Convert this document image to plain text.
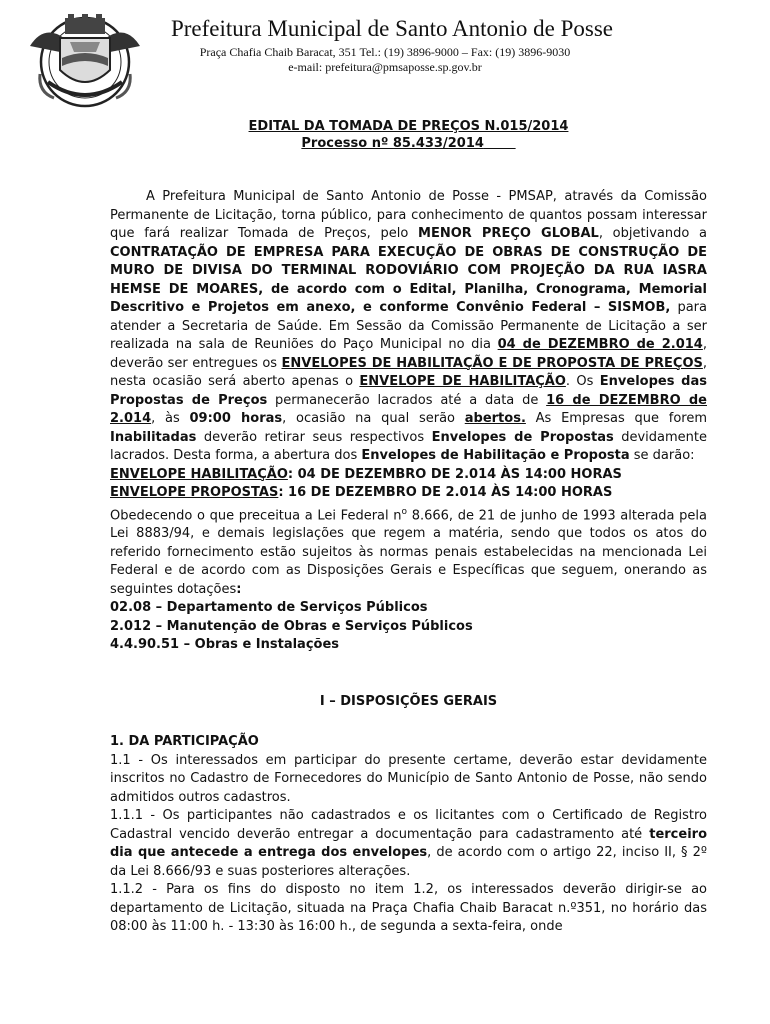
Prefeitura Municipal de Santo Antonio de Posse
Praça Chafia Chaib Baracat, 351 Tel.: (19) 3896-9000 – Fax: (19) 3896-9030
e-mail: prefeitura@pmsaposse.sp.gov.br
EDITAL DA TOMADA DE PREÇOS N.015/2014
Processo nº 85.433/2014

A Prefeitura Municipal de Santo Antonio de Posse - PMSAP, através da Comissão Permanente de Licitação, torna público, para conhecimento de quantos possam interessar que fará realizar Tomada de Preços, pelo MENOR PREÇO GLOBAL, objetivando a CONTRATAÇÃO DE EMPRESA PARA EXECUÇÃO DE OBRAS DE CONSTRUÇÃO DE MURO DE DIVISA DO TERMINAL RODOVIÁRIO COM PROJEÇÃO DA RUA IASRA HEMSE DE MOARES, de acordo com o Edital, Planilha, Cronograma, Memorial Descritivo e Projetos em anexo, e conforme Convênio Federal – SISMOB, para atender a Secretaria de Saúde. Em Sessão da Comissão Permanente de Licitação a ser realizada na sala de Reuniões do Paço Municipal no dia 04 de DEZEMBRO de 2.014, deverão ser entregues os ENVELOPES DE HABILITAÇÃO E DE PROPOSTA DE PREÇOS, nesta ocasião será aberto apenas o ENVELOPE DE HABILITAÇÃO. Os Envelopes das Propostas de Preços permanecerão lacrados até a data de 16 de DEZEMBRO de 2.014, às 09:00 horas, ocasião na qual serão abertos. As Empresas que forem Inabilitadas deverão retirar seus respectivos Envelopes de Propostas devidamente lacrados. Desta forma, a abertura dos Envelopes de Habilitação e Proposta se darão:

ENVELOPE HABILITAÇÃO: 04 DE DEZEMBRO DE 2.014 ÀS 14:00 HORAS
ENVELOPE PROPOSTAS: 16 DE DEZEMBRO DE 2.014 ÀS 14:00 HORAS

Obedecendo o que preceitua a Lei Federal $n^o$ 8.666, de 21 de junho de 1993 alterada pela Lei 8883/94, e demais legislações que regem a matéria, sendo que todos os atos do referido fornecimento estão sujeitos às normas penais estabelecidas na mencionada Lei Federal e de acordo com as Disposições Gerais e Específicas que seguem, onerando as seguintes dotações:

02.08 – Departamento de Serviços Públicos
2.012 – Manutenção de Obras e Serviços Públicos
4.4.90.51 – Obras e Instalações
I – DISPOSIÇÕES GERAIS
1. DA PARTICIPAÇÃO

1.1 - Os interessados em participar do presente certame, deverão estar devidamente inscritos no Cadastro de Fornecedores do Município de Santo Antonio de Posse, não sendo admitidos outros cadastros.

1.1.1 - Os participantes não cadastrados e os licitantes com o Certificado de Registro Cadastral vencido deverão entregar a documentação para cadastramento até terceiro dia que antecede a entrega dos envelopes, de acordo com o artigo 22, inciso II, § 2º da Lei 8.666/93 e suas posteriores alterações.

1.1.2 - Para os fins do disposto no item 1.2, os interessados deverão dirigir-se ao departamento de Licitação, situada na Praça Chafia Chaib Baracat n.º351, no horário das 08:00 às 11:00 h. - 13:30 às 16:00 h., de segunda a sexta-feira, onde
